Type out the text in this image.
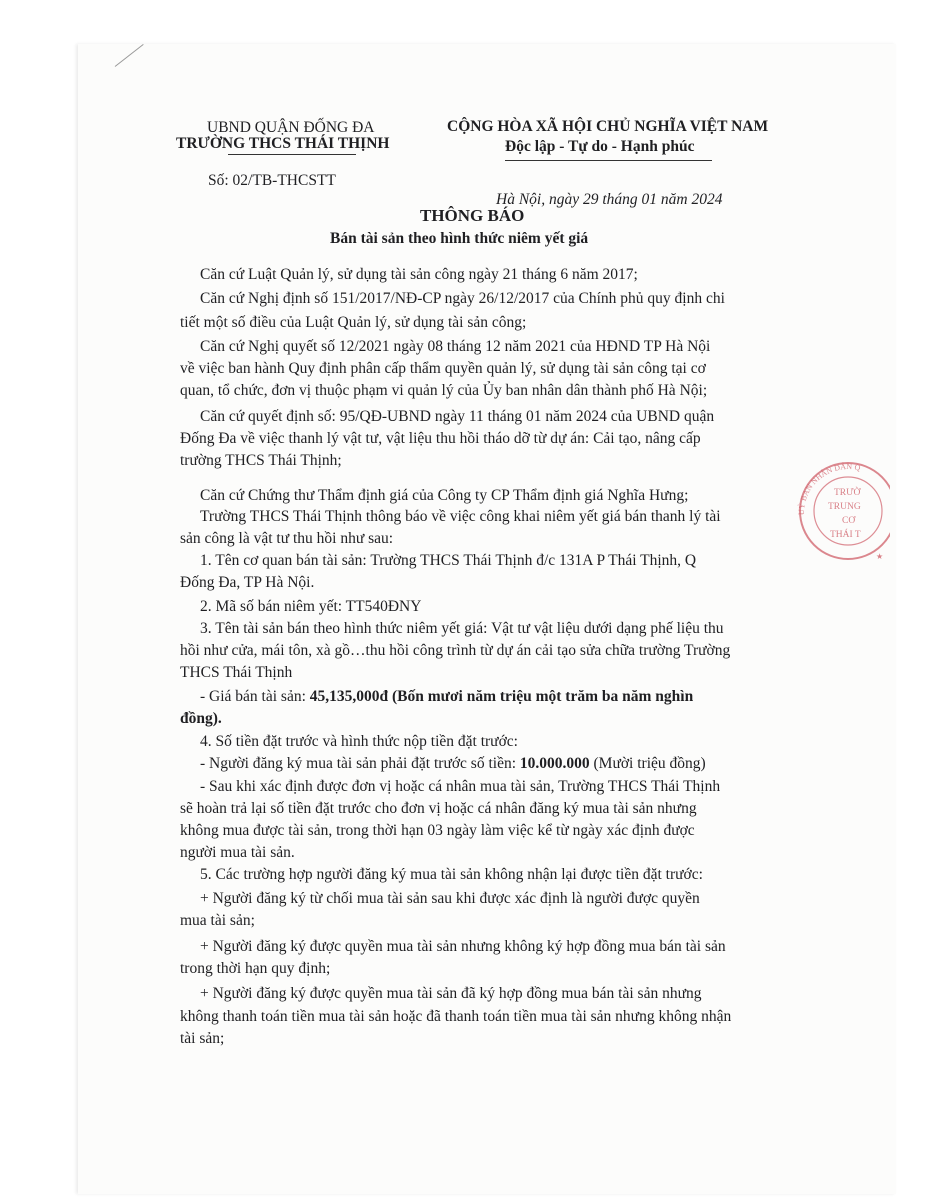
UBND QUẬN ĐỐNG ĐA
TRƯỜNG THCS THÁI THỊNH
CỘNG HÒA XÃ HỘI CHỦ NGHĨA VIỆT NAM
Độc lập - Tự do - Hạnh phúc
Số: 02/TB-THCSTT
Hà Nội, ngày 29 tháng 01 năm 2024
THÔNG BÁO
Bán tài sản theo hình thức niêm yết giá
Căn cứ Luật Quản lý, sử dụng tài sản công ngày 21 tháng 6 năm 2017;
Căn cứ Nghị định số 151/2017/NĐ-CP ngày 26/12/2017 của Chính phủ quy định chi
tiết một số điều của Luật Quản lý, sử dụng tài sản công;
Căn cứ Nghị quyết số 12/2021 ngày 08 tháng 12 năm 2021 của HĐND TP Hà Nội
về việc ban hành Quy định phân cấp thẩm quyền quản lý, sử dụng tài sản công tại cơ
quan, tổ chức, đơn vị thuộc phạm vi quản lý của Ủy ban nhân dân thành phố Hà Nội;
Căn cứ quyết định số: 95/QĐ-UBND ngày 11 tháng 01 năm 2024 của UBND quận
Đống Đa về việc thanh lý vật tư, vật liệu thu hồi tháo dỡ từ dự án: Cải tạo, nâng cấp
trường THCS Thái Thịnh;
Căn cứ Chứng thư Thẩm định giá của Công ty CP Thẩm định giá Nghĩa Hưng;
Trường THCS Thái Thịnh thông báo về việc công khai niêm yết giá bán thanh lý tài
sản công là vật tư thu hồi như sau:
1. Tên cơ quan bán tài sản: Trường THCS Thái Thịnh đ/c 131A P Thái Thịnh, Q
Đống Đa, TP Hà Nội.
2. Mã số bán niêm yết: TT540ĐNY
3. Tên tài sản bán theo hình thức niêm yết giá: Vật tư vật liệu dưới dạng phế liệu thu
hồi như cửa, mái tôn, xà gồ…thu hồi công trình từ dự án cải tạo sửa chữa trường Trường
THCS Thái Thịnh
- Giá bán tài sản: 45,135,000đ (Bốn mươi năm triệu một trăm ba năm nghìn
đồng).
4. Số tiền đặt trước và hình thức nộp tiền đặt trước:
- Người đăng ký mua tài sản phải đặt trước số tiền: 10.000.000 (Mười triệu đồng)
- Sau khi xác định được đơn vị hoặc cá nhân mua tài sản, Trường THCS Thái Thịnh
sẽ hoàn trả lại số tiền đặt trước cho đơn vị hoặc cá nhân đăng ký mua tài sản nhưng
không mua được tài sản, trong thời hạn 03 ngày làm việc kể từ ngày xác định được
người mua tài sản.
5. Các trường hợp người đăng ký mua tài sản không nhận lại được tiền đặt trước:
+ Người đăng ký từ chối mua tài sản sau khi được xác định là người được quyền
mua tài sản;
+ Người đăng ký được quyền mua tài sản nhưng không ký hợp đồng mua bán tài sản
trong thời hạn quy định;
+ Người đăng ký được quyền mua tài sản đã ký hợp đồng mua bán tài sản nhưng
không thanh toán tiền mua tài sản hoặc đã thanh toán tiền mua tài sản nhưng không nhận
tài sản;
UỶ BAN NHÂN DÂN Q
TRƯỜ
TRUNG
CƠ
THÁI T
★
